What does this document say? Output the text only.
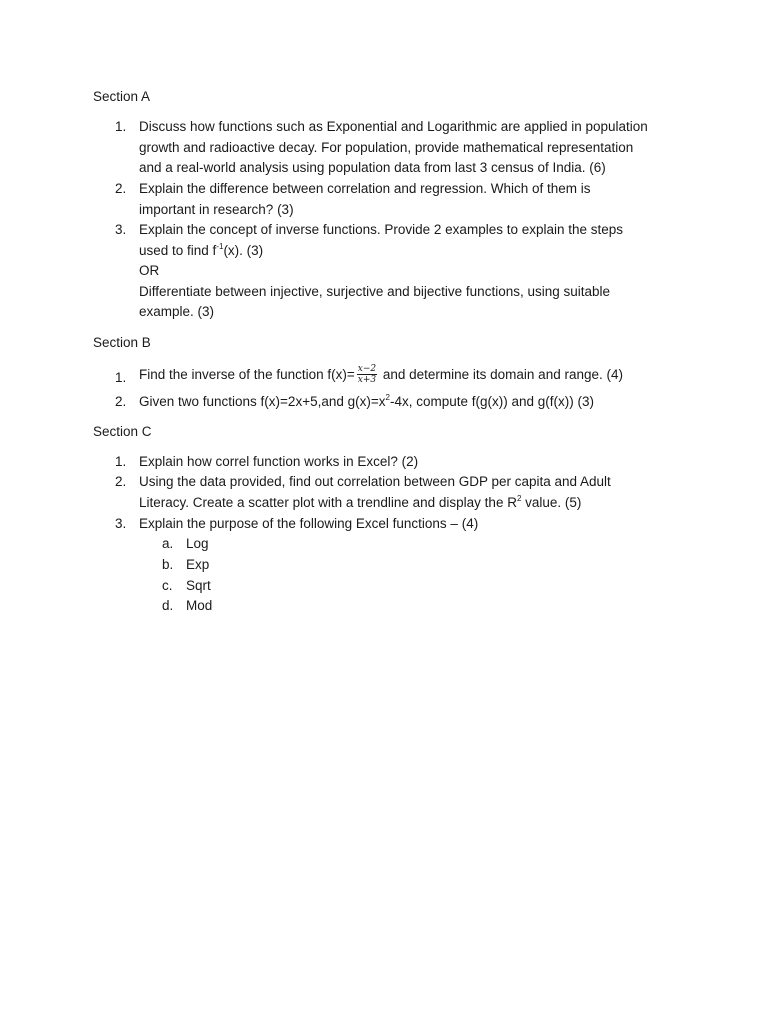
Section A
1. Discuss how functions such as Exponential and Logarithmic are applied in population
growth and radioactive decay. For population, provide mathematical representation
and a real-world analysis using population data from last 3 census of India. (6)
2. Explain the difference between correlation and regression. Which of them is
important in research? (3)
3. Explain the concept of inverse functions. Provide 2 examples to explain the steps
used to find $f^{-1}(x)$. (3)
OR
Differentiate between injective, surjective and bijective functions, using suitable
example. (3)
Section B
1. Find the inverse of the function $f(x)= \frac{x-2}{x+3}$ and determine its domain and range. (4)
2. Given two functions f(x)=2x+5,and $g(x)=x^2-4x$, compute f(g(x)) and g(f(x)) (3)
Section C
1. Explain how correl function works in Excel? (2)
2. Using the data provided, find out correlation between GDP per capita and Adult
Literacy. Create a scatter plot with a trendline and display the $R^2$ value. (5)
3. Explain the purpose of the following Excel functions – (4)
a. Log
b. Exp
c. Sqrt
d. Mod
